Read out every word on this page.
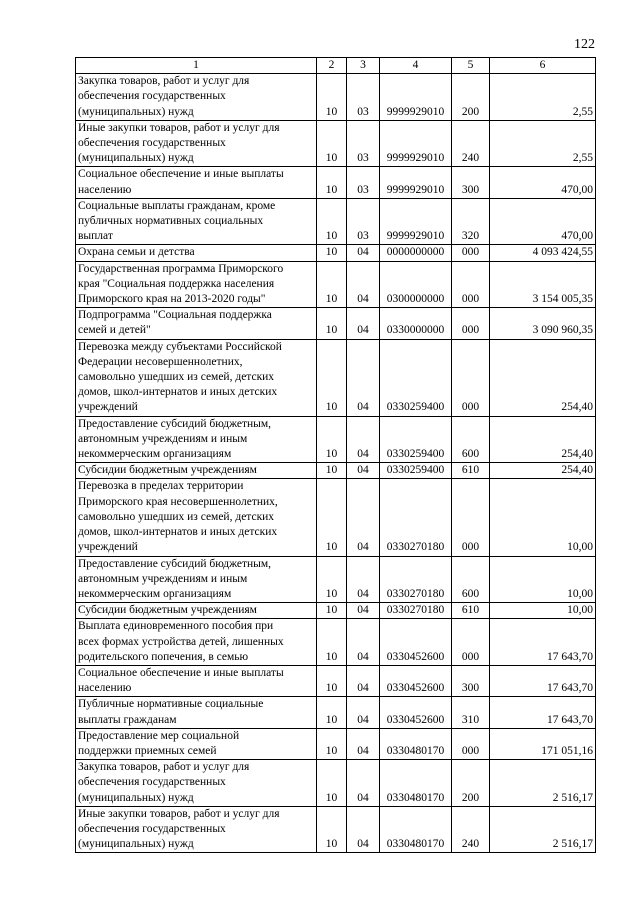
122
1	2	3	4	5	6

Закупка товаров, работ и услуг для
обеспечения государственных
(муниципальных) нужд	10	03	9999929010	200	2,55

Иные закупки товаров, работ и услуг для
обеспечения государственных
(муниципальных) нужд	10	03	9999929010	240	2,55

Социальное обеспечение и иные выплаты
населению	10	03	9999929010	300	470,00

Социальные выплаты гражданам, кроме
публичных нормативных социальных
выплат	10	03	9999929010	320	470,00

Охрана семьи и детства	10	04	0000000000	000	4 093 424,55

Государственная программа Приморского
края "Социальная поддержка населения
Приморского края на 2013-2020 годы"	10	04	0300000000	000	3 154 005,35

Подпрограмма "Социальная поддержка
семей и детей"	10	04	0330000000	000	3 090 960,35

Перевозка между субъектами Российской
Федерации несовершеннолетних,
самовольно ушедших из семей, детских
домов, школ-интернатов и иных детских
учреждений	10	04	0330259400	000	254,40

Предоставление субсидий бюджетным,
автономным учреждениям и иным
некоммерческим организациям	10	04	0330259400	600	254,40

Субсидии бюджетным учреждениям	10	04	0330259400	610	254,40

Перевозка в пределах территории
Приморского края несовершеннолетних,
самовольно ушедших из семей, детских
домов, школ-интернатов и иных детских
учреждений	10	04	0330270180	000	10,00

Предоставление субсидий бюджетным,
автономным учреждениям и иным
некоммерческим организациям	10	04	0330270180	600	10,00

Субсидии бюджетным учреждениям	10	04	0330270180	610	10,00

Выплата единовременного пособия при
всех формах устройства детей, лишенных
родительского попечения, в семью	10	04	0330452600	000	17 643,70

Социальное обеспечение и иные выплаты
населению	10	04	0330452600	300	17 643,70

Публичные нормативные социальные
выплаты гражданам	10	04	0330452600	310	17 643,70

Предоставление мер социальной
поддержки приемных семей	10	04	0330480170	000	171 051,16

Закупка товаров, работ и услуг для
обеспечения государственных
(муниципальных) нужд	10	04	0330480170	200	2 516,17

Иные закупки товаров, работ и услуг для
обеспечения государственных
(муниципальных) нужд	10	04	0330480170	240	2 516,17
